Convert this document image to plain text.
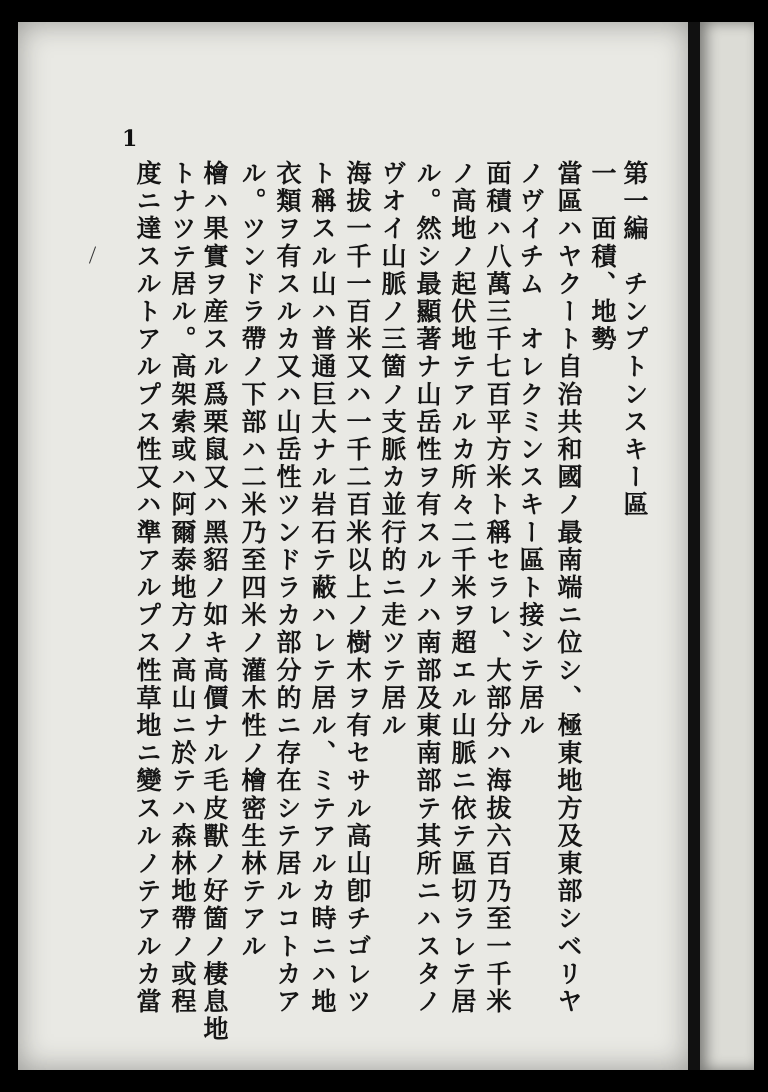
1
第一編　チンプトンスキー區
一　面積、地勢
當區ハヤクート自治共和國ノ最南端ニ位シ、極東地方及東部シベリヤ
ノヴイチム　オレクミンスキー區ト接シテ居ル
面積ハ八萬三千七百平方米ト稱セラレ、大部分ハ海拔六百乃至一千米
ノ高地ノ起伏地テアルカ所々二千米ヲ超エル山脈ニ依テ區切ラレテ居
ル。然シ最顯著ナ山岳性ヲ有スルノハ南部及東南部テ其所ニハスタノ
ヴオイ山脈ノ三箇ノ支脈カ並行的ニ走ツテ居ル
海拔一千一百米又ハ一千二百米以上ノ樹木ヲ有セサル高山卽チゴレツ
ト稱スル山ハ普通巨大ナル岩石テ蔽ハレテ居ル、ミテアルカ時ニハ地
衣類ヲ有スルカ又ハ山岳性ツンドラカ部分的ニ存在シテ居ルコトカア
ル。ツンドラ帶ノ下部ハ二米乃至四米ノ灌木性ノ檜密生林テアル
檜ハ果實ヲ産スル爲栗鼠又ハ黑貂ノ如キ高價ナル毛皮獸ノ好箇ノ棲息地
トナツテ居ル。高架索或ハ阿爾泰地方ノ高山ニ於テハ森林地帶ノ或程
度ニ達スルトアルプス性又ハ準アルプス性草地ニ變スルノテアルカ當
